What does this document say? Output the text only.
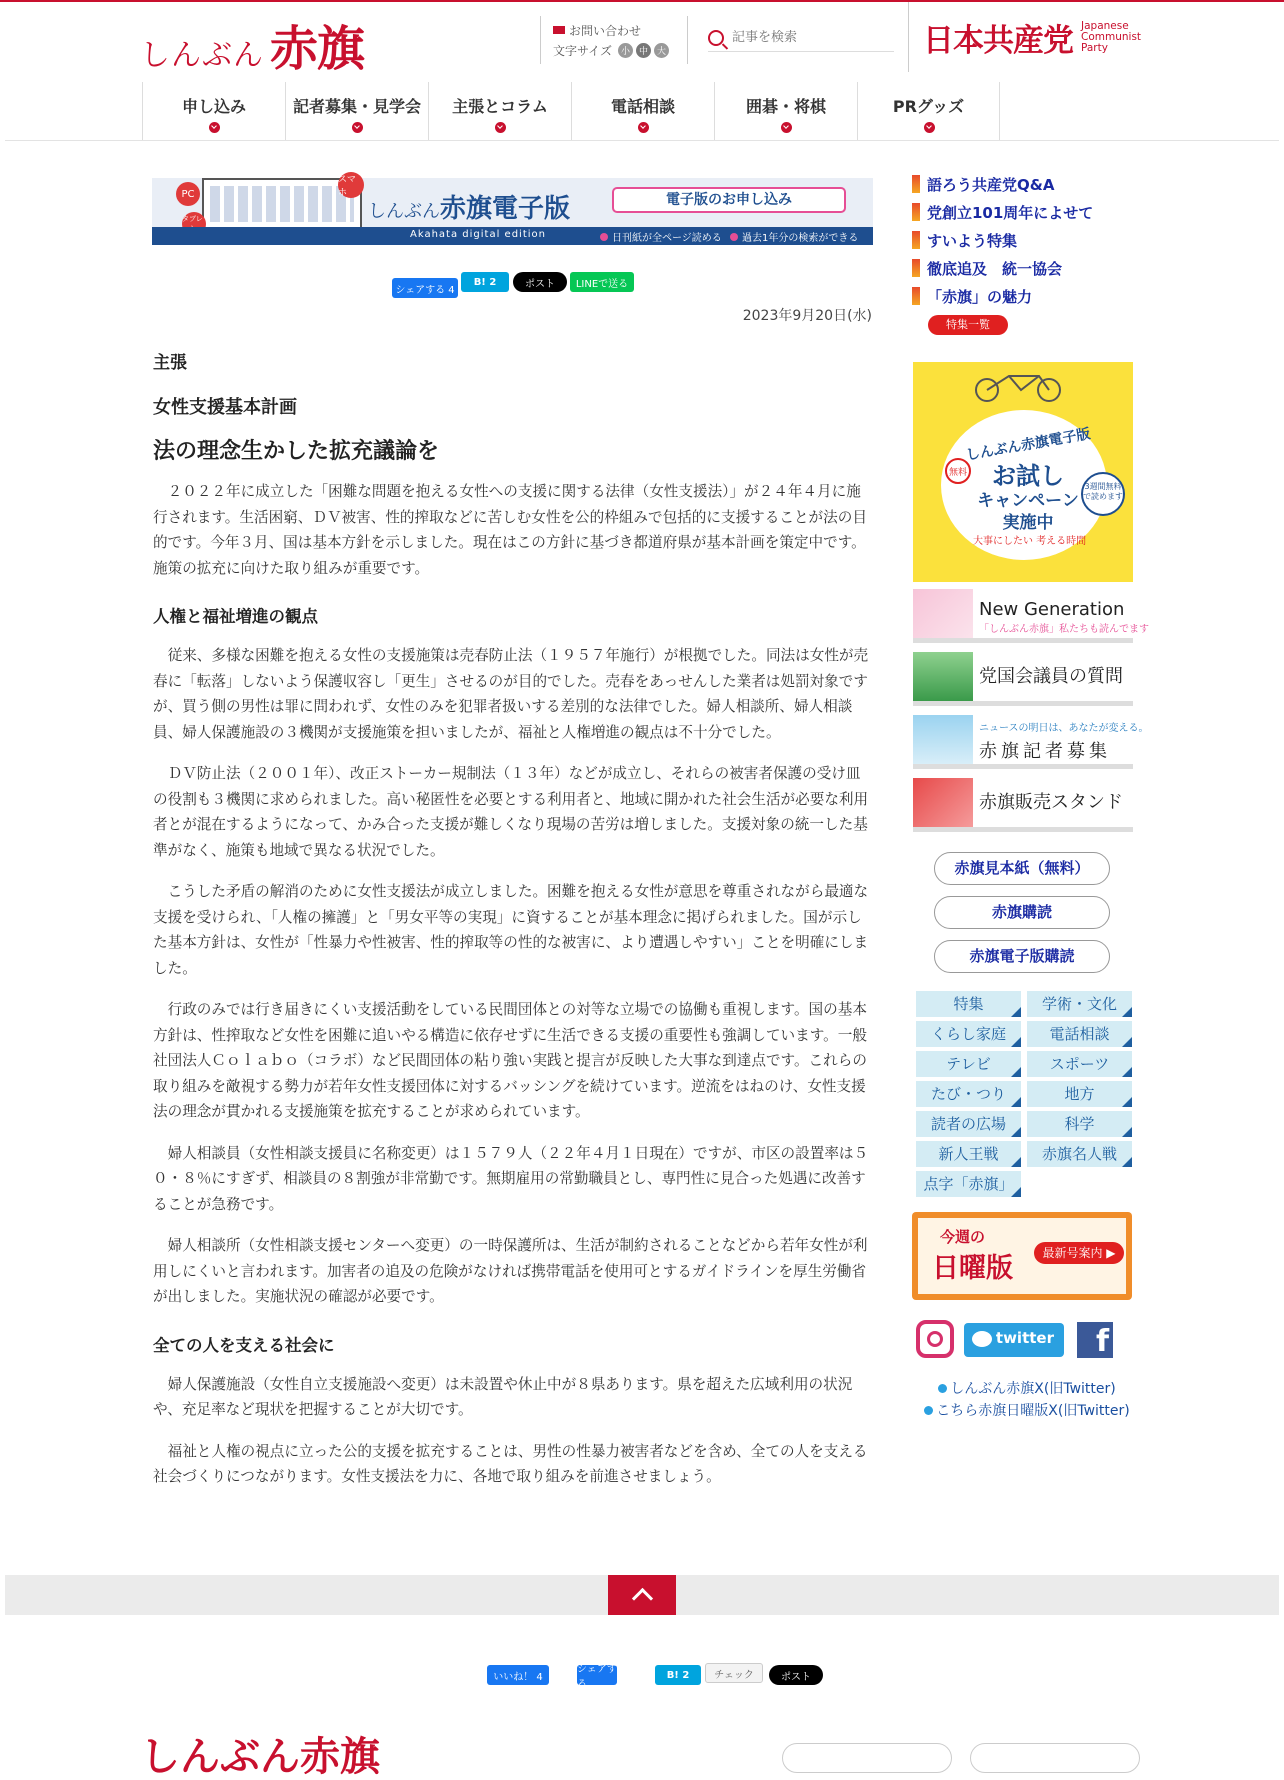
しんぶん 赤旗	お問い合わせ
文字サイズ 小 中 大
記事を検索	日本共産党 Japanese
Communist
Party
申し込み	記者募集・見学会	主張とコラム	電話相談	囲碁・将棋	PRグッズ
PC
スマホ
タブレ	しんぶん赤旗電子版	電子版のお申し込み
Akahata digital edition	日刊紙が全ページ読める	過去1年分の検索ができる
シェアする 4
B! 2	ポスト	LINEで送る
2023年9月20日(水)
主張
女性支援基本計画
法の理念生かした拡充議論を

２０２２年に成立した「困難な問題を抱える女性への支援に関する法律（女性支援法）」が２４年４月に施行されます。生活困窮、ＤＶ被害、性的搾取などに苦しむ女性を公的枠組みで包括的に支援することが法の目的です。今年３月、国は基本方針を示しました。現在はこの方針に基づき都道府県が基本計画を策定中です。施策の拡充に向けた取り組みが重要です。

人権と福祉増進の観点

従来、多様な困難を抱える女性の支援施策は売春防止法（１９５７年施行）が根拠でした。同法は女性が売春に「転落」しないよう保護収容し「更生」させるのが目的でした。売春をあっせんした業者は処罰対象ですが、買う側の男性は罪に問われず、女性のみを犯罪者扱いする差別的な法律でした。婦人相談所、婦人相談員、婦人保護施設の３機関が支援施策を担いましたが、福祉と人権増進の観点は不十分でした。

ＤＶ防止法（２００１年）、改正ストーカー規制法（１３年）などが成立し、それらの被害者保護の受け皿の役割も３機関に求められました。高い秘匿性を必要とする利用者と、地域に開かれた社会生活が必要な利用者とが混在するようになって、かみ合った支援が難しくなり現場の苦労は増しました。支援対象の統一した基準がなく、施策も地域で異なる状況でした。

こうした矛盾の解消のために女性支援法が成立しました。困難を抱える女性が意思を尊重されながら最適な支援を受けられ、「人権の擁護」と「男女平等の実現」に資することが基本理念に掲げられました。国が示した基本方針は、女性が「性暴力や性被害、性的搾取等の性的な被害に、より遭遇しやすい」ことを明確にしました。

行政のみでは行き届きにくい支援活動をしている民間団体との対等な立場での協働も重視します。国の基本方針は、性搾取など女性を困難に追いやる構造に依存せずに生活できる支援の重要性も強調しています。一般社団法人Ｃｏｌａｂｏ（コラボ）など民間団体の粘り強い実践と提言が反映した大事な到達点です。これらの取り組みを敵視する勢力が若年女性支援団体に対するバッシングを続けています。逆流をはねのけ、女性支援法の理念が貫かれる支援施策を拡充することが求められています。

婦人相談員（女性相談支援員に名称変更）は１５７９人（２２年４月１日現在）ですが、市区の設置率は５０・８％にすぎず、相談員の８割強が非常勤です。無期雇用の常勤職員とし、専門性に見合った処遇に改善することが急務です。

婦人相談所（女性相談支援センターへ変更）の一時保護所は、生活が制約されることなどから若年女性が利用しにくいと言われます。加害者の追及の危険がなければ携帯電話を使用可とするガイドラインを厚生労働省が出しました。実施状況の確認が必要です。

全ての人を支える社会に

婦人保護施設（女性自立支援施設へ変更）は未設置や休止中が８県あります。県を超えた広域利用の状況や、充足率など現状を把握することが大切です。

福祉と人権の視点に立った公的支援を拡充することは、男性の性暴力被害者などを含め、全ての人を支える社会づくりにつながります。女性支援法を力に、各地で取り組みを前進させましょう。

語ろう共産党Q&A
党創立101周年によせて
すいよう特集
徹底追及　統一協会
「赤旗」の魅力
特集一覧
しんぶん赤旗電子版
お試し
キャンペーン
実施中
無料
3週間無料で読めます
大事にしたい 考える時間
New Generation
「しんぶん赤旗」私たちも読んでます
党国会議員の質問
ニュースの明日は、あなたが変える。
赤旗記者募集
赤旗販売スタンド
赤旗見本紙（無料）
赤旗購読
赤旗電子版購読
特集	学術・文化
くらし家庭	電話相談
テレビ	スポーツ
たび・つり	地方
読者の広場	科学
新人王戦	赤旗名人戦
点字「赤旗」
今週の
日曜版	最新号案内 ▶
twitter	f
しんぶん赤旗X(旧Twitter)
こちら赤旗日曜版X(旧Twitter)
いいね！ 4
シェアする
B! 2	チェック	ポスト
しんぶん赤旗
